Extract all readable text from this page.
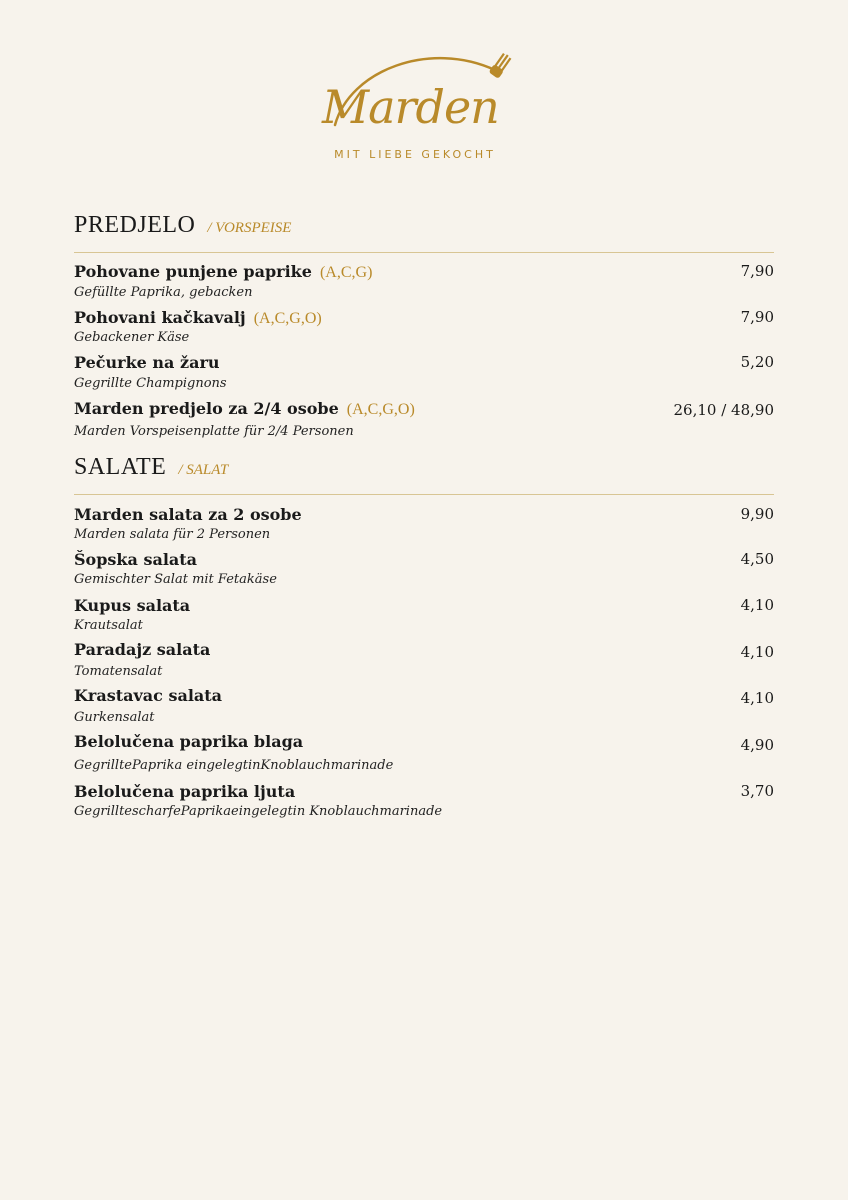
Marden
MIT LIEBE GEKOCHT
PREDJELO / VORSPEISE
Pohovane punjene paprike (A,C,G)	7,90
Gefüllte Paprika, gebacken
Pohovani kačkavalj (A,C,G,O)	7,90
Gebackener Käse
Pečurke na žaru	5,20
Gegrillte Champignons
Marden predjelo za 2/4 osobe (A,C,G,O)	26,10 / 48,90
Marden Vorspeisenplatte für 2/4 Personen
SALATE / SALAT
Marden salata za 2 osobe	9,90
Marden salata für 2 Personen
Šopska salata	4,50
Gemischter Salat mit Fetakäse
Kupus salata	4,10
Krautsalat
Paradajz salata	4,10
Tomatensalat
Krastavac salata	4,10
Gurkensalat
Belolučena paprika blaga	4,90
GegrilltePaprika eingelegtinKnoblauchmarinade
Belolučena paprika ljuta	3,70
GegrilltescharfePaprikaeingelegtin Knoblauchmarinade
